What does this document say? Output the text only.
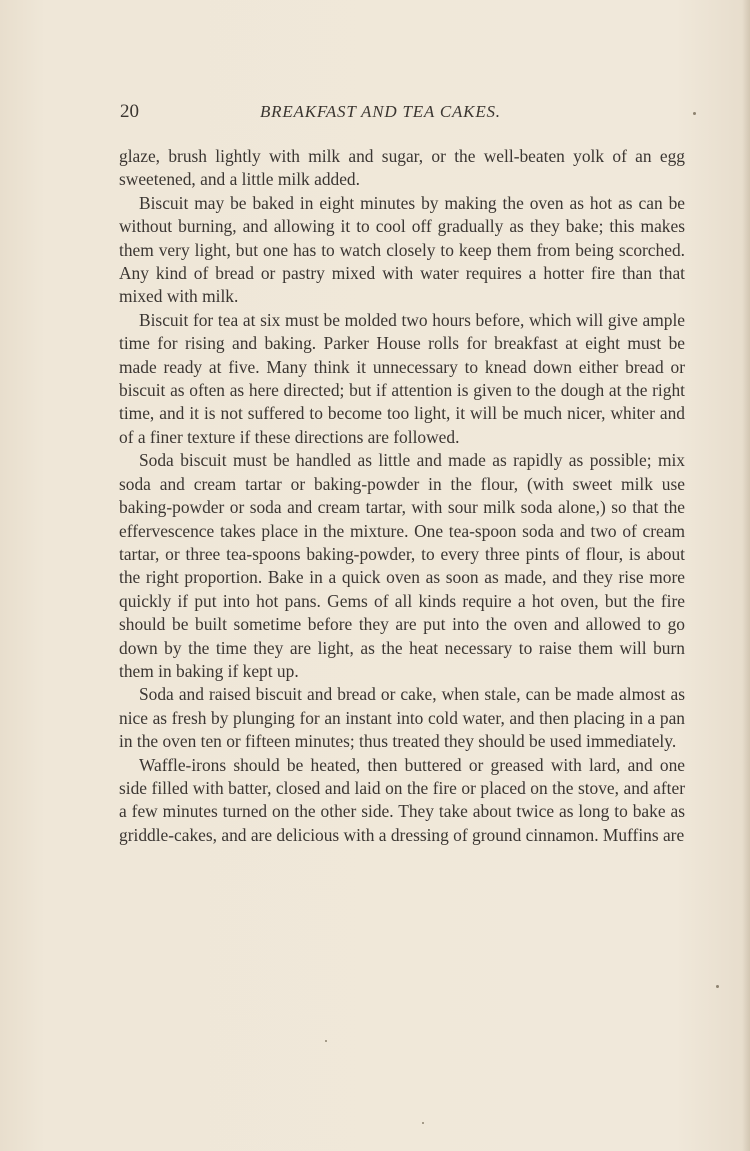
20	BREAKFAST AND TEA CAKES.

glaze, brush lightly with milk and sugar, or the well-beaten yolk of an egg sweetened, and a little milk added.

Biscuit may be baked in eight minutes by making the oven as hot as can be without burning, and allowing it to cool off gradually as they bake; this makes them very light, but one has to watch closely to keep them from being scorched. Any kind of bread or pastry mixed with water requires a hotter fire than that mixed with milk.

Biscuit for tea at six must be molded two hours before, which will give ample time for rising and baking. Parker House rolls for breakfast at eight must be made ready at five. Many think it unnecessary to knead down either bread or biscuit as often as here directed; but if attention is given to the dough at the right time, and it is not suffered to become too light, it will be much nicer, whiter and of a finer texture if these directions are followed.

Soda biscuit must be handled as little and made as rapidly as possible; mix soda and cream tartar or baking-powder in the flour, (with sweet milk use baking-powder or soda and cream tartar, with sour milk soda alone,) so that the effervescence takes place in the mixture. One tea-spoon soda and two of cream tartar, or three tea-spoons baking-powder, to every three pints of flour, is about the right proportion. Bake in a quick oven as soon as made, and they rise more quickly if put into hot pans. Gems of all kinds require a hot oven, but the fire should be built sometime before they are put into the oven and allowed to go down by the time they are light, as the heat necessary to raise them will burn them in baking if kept up.

Soda and raised biscuit and bread or cake, when stale, can be made almost as nice as fresh by plunging for an instant into cold water, and then placing in a pan in the oven ten or fifteen minutes; thus treated they should be used immediately.

Waffle-irons should be heated, then buttered or greased with lard, and one side filled with batter, closed and laid on the fire or placed on the stove, and after a few minutes turned on the other side. They take about twice as long to bake as griddle-cakes, and are delicious with a dressing of ground cinnamon. Muffins are
